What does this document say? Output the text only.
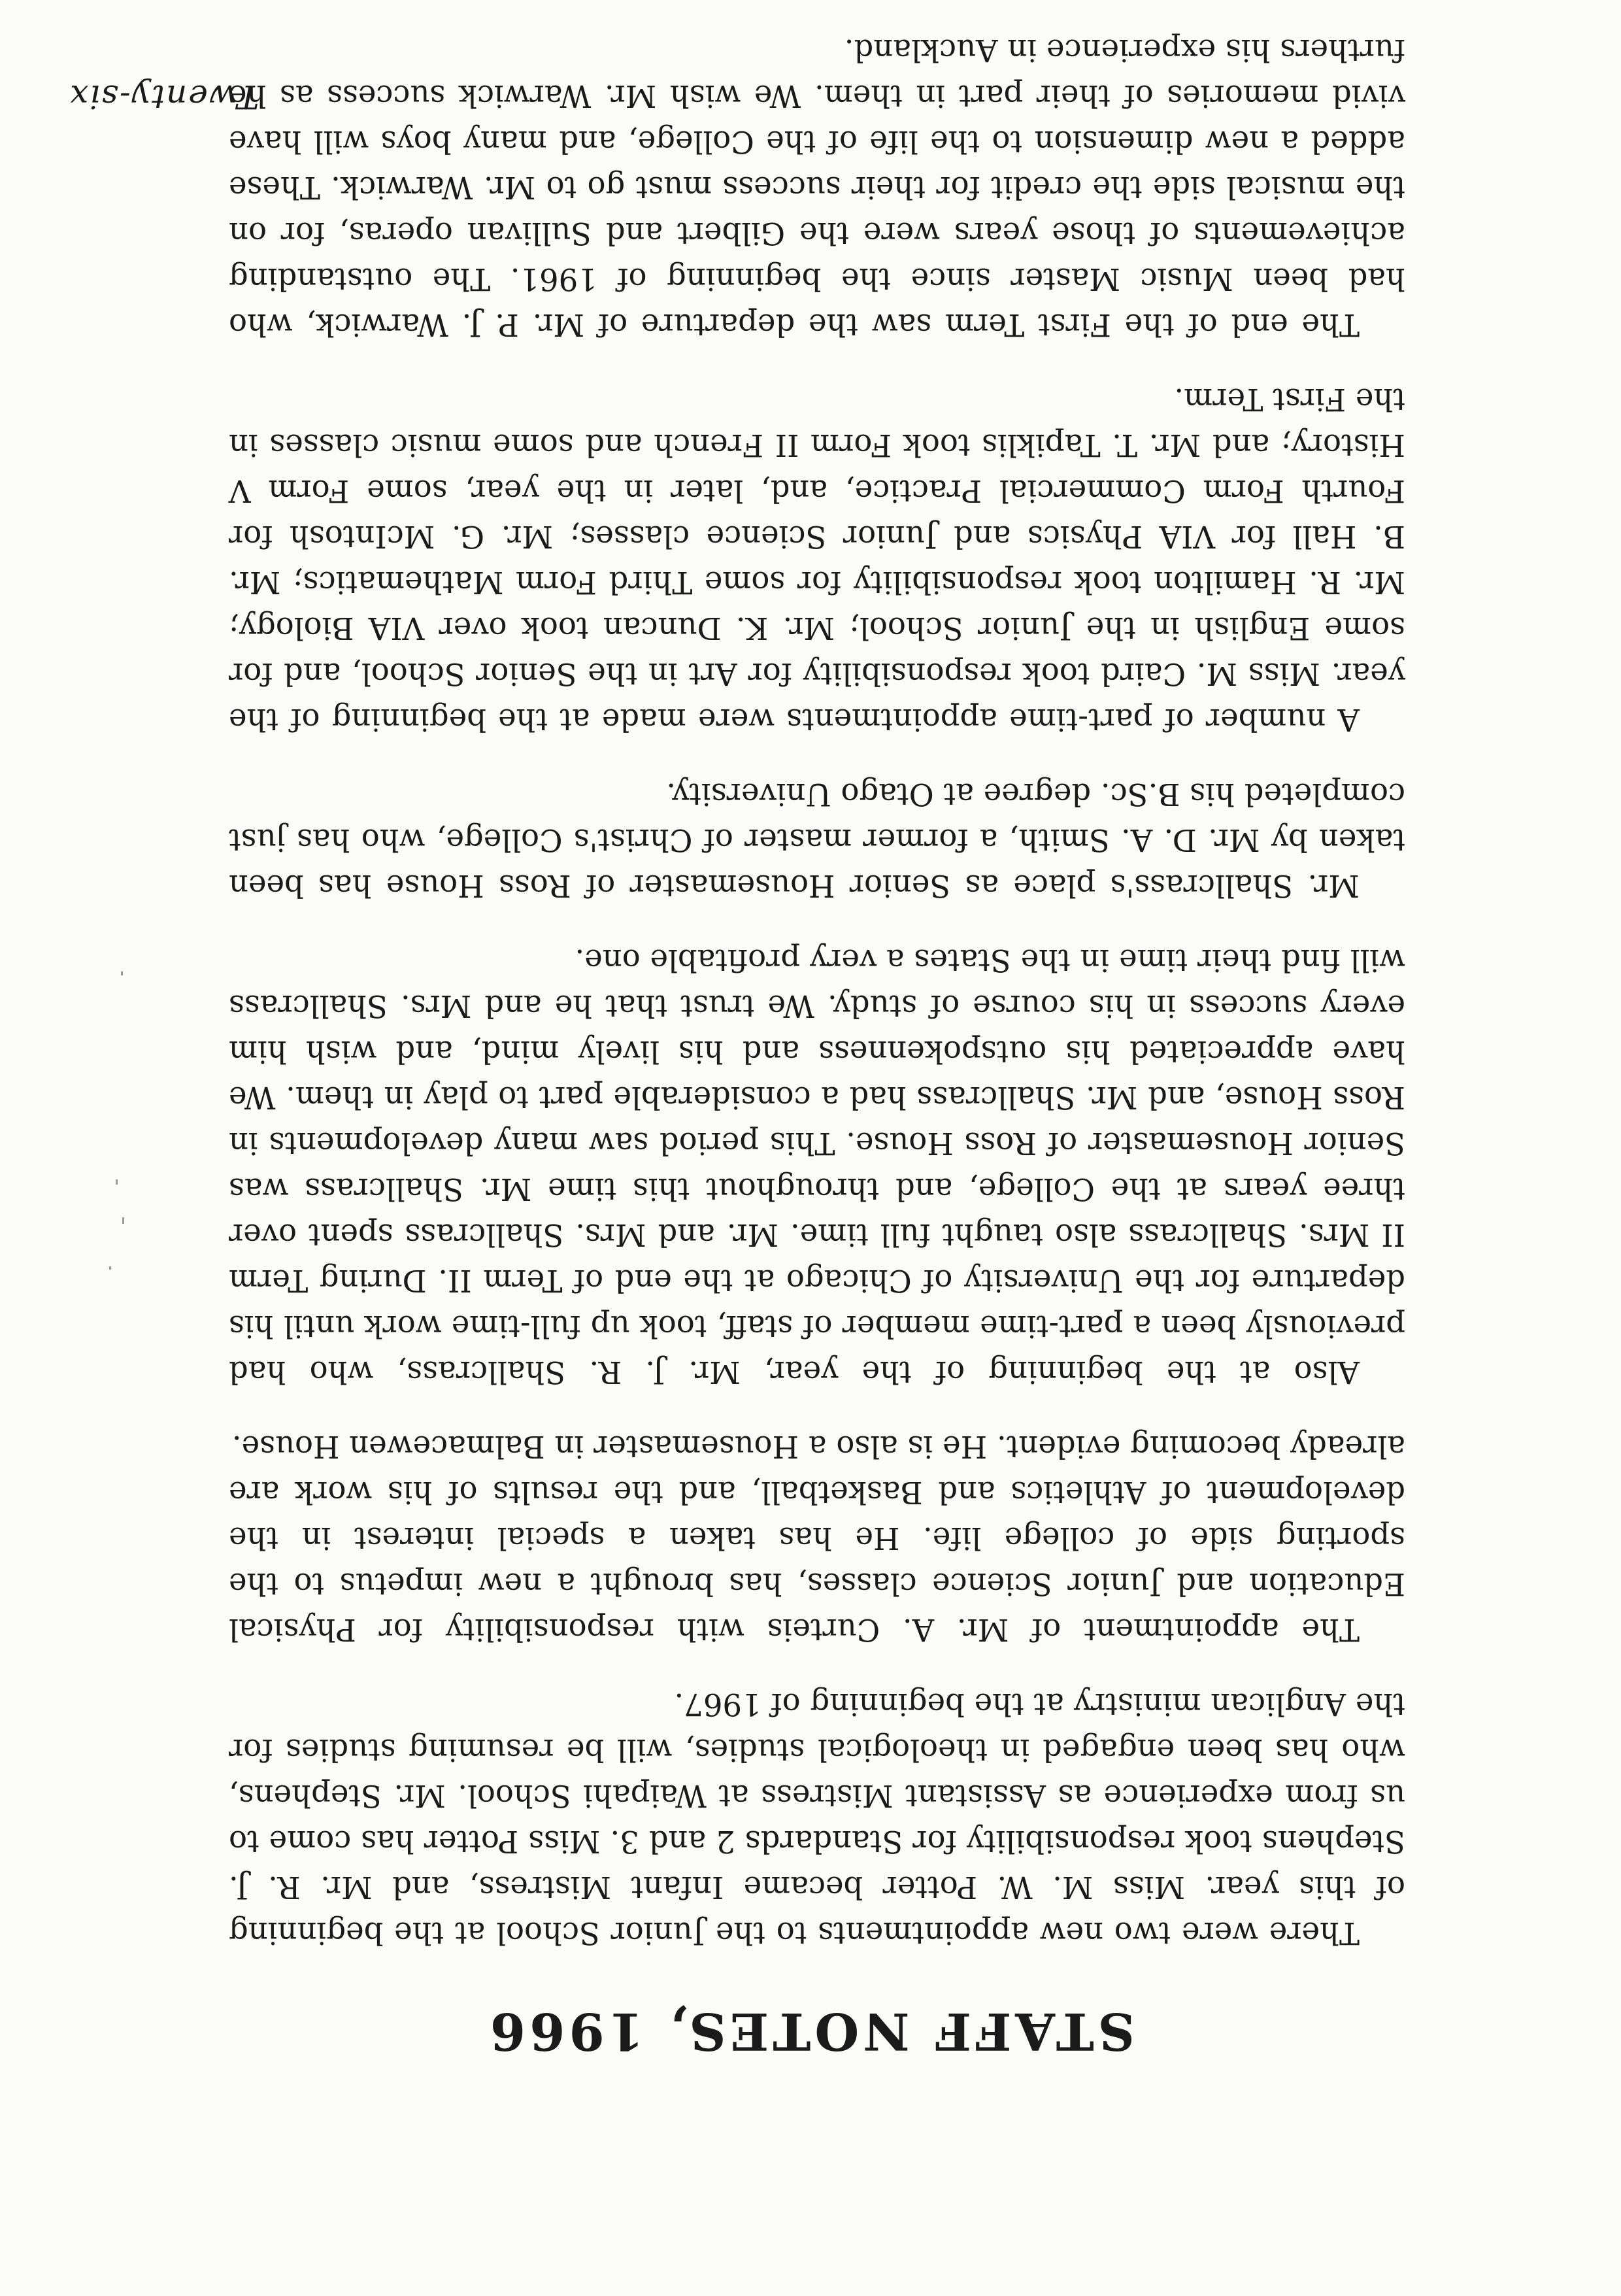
Twenty-six
STAFF NOTES, 1966

There were two new appointments to the Junior School at the beginning of this year. Miss M. W. Potter became Infant Mistress, and Mr. R. J. Stephens took responsibility for Standards 2 and 3. Miss Potter has come to us from experience as Assistant Mistress at Waipahi School. Mr. Stephens, who has been engaged in theological studies, will be resuming studies for the Anglican ministry at the beginning of 1967.

The appointment of Mr. A. Curteis with responsibility for Physical Education and Junior Science classes, has brought a new impetus to the sporting side of college life. He has taken a special interest in the development of Athletics and Basketball, and the results of his work are already becoming evident. He is also a Housemaster in Balmacewen House.

Also at the beginning of the year, Mr. J. R. Shallcrass, who had previously been a part-time member of staff, took up full-time work until his departure for the University of Chicago at the end of Term II. During Term II Mrs. Shallcrass also taught full time. Mr. and Mrs. Shallcrass spent over three years at the College, and throughout this time Mr. Shallcrass was Senior Housemaster of Ross House. This period saw many developments in Ross House, and Mr. Shallcrass had a considerable part to play in them. We have appreciated his outspokenness and his lively mind, and wish him every success in his course of study. We trust that he and Mrs. Shallcrass will find their time in the States a very profitable one.

Mr. Shallcrass's place as Senior Housemaster of Ross House has been taken by Mr. D. A. Smith, a former master of Christ's College, who has just completed his B.Sc. degree at Otago University.

A number of part-time appointments were made at the beginning of the year. Miss M. Caird took responsibility for Art in the Senior School, and for some English in the Junior School; Mr. K. Duncan took over VIA Biology; Mr. R. Hamilton took responsibility for some Third Form Mathematics; Mr. B. Hall for VIA Physics and Junior Science classes; Mr. G. McIntosh for Fourth Form Commercial Practice, and, later in the year, some Form V History; and Mr. T. Tapiklis took Form II French and some music classes in the First Term.

The end of the First Term saw the departure of Mr. P. J. Warwick, who had been Music Master since the beginning of 1961. The outstanding achievements of those years were the Gilbert and Sullivan operas, for on the musical side the credit for their success must go to Mr. Warwick. These added a new dimension to the life of the College, and many boys will have vivid memories of their part in them. We wish Mr. Warwick success as he furthers his experience in Auckland.
